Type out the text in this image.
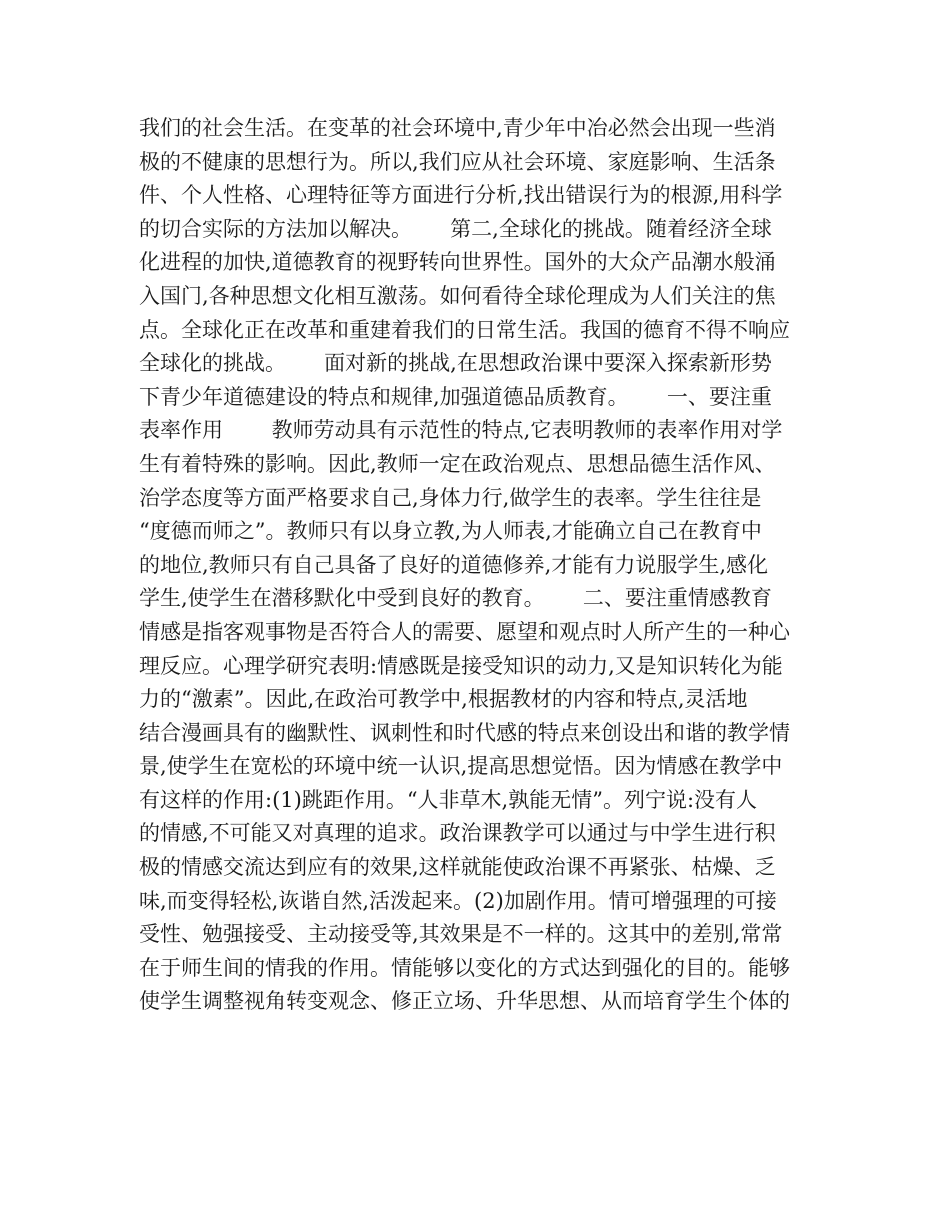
我们的社会生活。在变革的社会环境中,青少年中冶必然会出现一些消
极的不健康的思想行为。所以,我们应从社会环境、家庭影响、生活条
件、个人性格、心理特征等方面进行分析,找出错误行为的根源,用科学
的切合实际的方法加以解决。　　 第二,全球化的挑战。随着经济全球
化进程的加快,道德教育的视野转向世界性。国外的大众产品潮水般涌
入国门,各种思想文化相互激荡。如何看待全球伦理成为人们关注的焦
点。全球化正在改革和重建着我们的日常生活。我国的德育不得不响应
全球化的挑战。　　 面对新的挑战,在思想政治课中要深入探索新形势
下青少年道德建设的特点和规律,加强道德品质教育。　　 一、要注重
表率作用　　 教师劳动具有示范性的特点,它表明教师的表率作用对学
生有着特殊的影响。因此,教师一定在政治观点、思想品德生活作风、
治学态度等方面严格要求自己,身体力行,做学生的表率。学生往往是
“度德而师之”。教师只有以身立教,为人师表,才能确立自己在教育中
的地位,教师只有自己具备了良好的道德修养,才能有力说服学生,感化
学生,使学生在潜移默化中受到良好的教育。　　 二、要注重情感教育
情感是指客观事物是否符合人的需要、愿望和观点时人所产生的一种心
理反应。心理学研究表明:情感既是接受知识的动力,又是知识转化为能
力的“激素”。因此,在政治可教学中,根据教材的内容和特点,灵活地
结合漫画具有的幽默性、讽刺性和时代感的特点来创设出和谐的教学情
景,使学生在宽松的环境中统一认识,提高思想觉悟。因为情感在教学中
有这样的作用:(1)跳距作用。“人非草木,孰能无情”。列宁说:没有人
的情感,不可能又对真理的追求。政治课教学可以通过与中学生进行积
极的情感交流达到应有的效果,这样就能使政治课不再紧张、枯燥、乏
味,而变得轻松,诙谐自然,活泼起来。(2)加剧作用。情可增强理的可接
受性、勉强接受、主动接受等,其效果是不一样的。这其中的差别,常常
在于师生间的情我的作用。情能够以变化的方式达到强化的目的。能够
使学生调整视角转变观念、修正立场、升华思想、从而培育学生个体的
